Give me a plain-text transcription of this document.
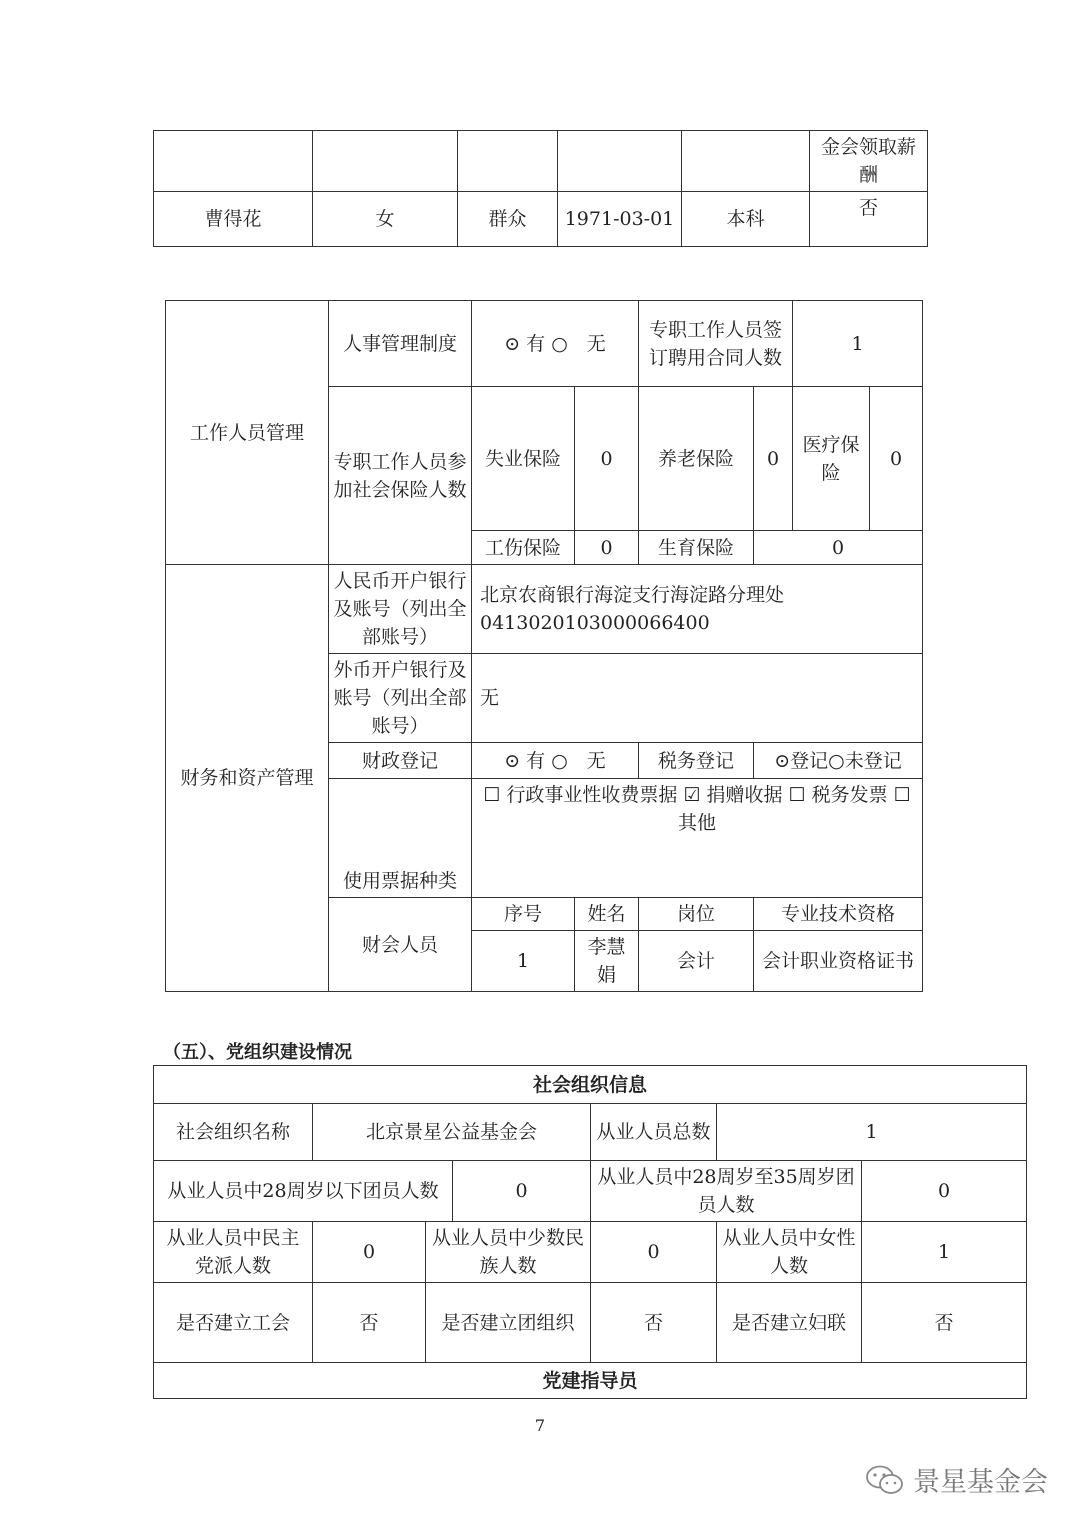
					金会领取薪酬
曹得花	女	群众	1971-03-01	本科	否
工作人员管理	人事管理制度	⊙ 有 ○　无		专职工作人员签订聘用合同人数		1	
	专职工作人员参加社会保险人数	失业保险	0	养老保险	0	医疗保险	0
		工伤保险	0	生育保险	0		
财务和资产管理	人民币开户银行及账号（列出全部账号）	北京农商银行海淀支行海淀路分理处
0413020103000066400					

	外币开户银行及账号（列出全部账号）	无					
	财政登记	⊙ 有 ○　无		税务登记	⊙登记○未登记		
	使用票据种类	☐ 行政事业性收费票据 ☑ 捐赠收据 ☐ 税务发票 ☐ 其他					
	财会人员	序号	姓名	岗位	专业技术资格		
		1	李慧娟	会计	会计职业资格证书		
（五）、党组织建设情况
社会组织信息						
社会组织名称	北京景星公益基金会			从业人员总数	1	
从业人员中28周岁以下团员人数			0	从业人员中28周岁至35周岁团员人数		0
从业人员中民主党派人数	0	从业人员中少数民族人数		0	从业人员中女性人数	1
是否建立工会	否	是否建立团组织		否	是否建立妇联	否
党建指导员						
7
景星基金会
